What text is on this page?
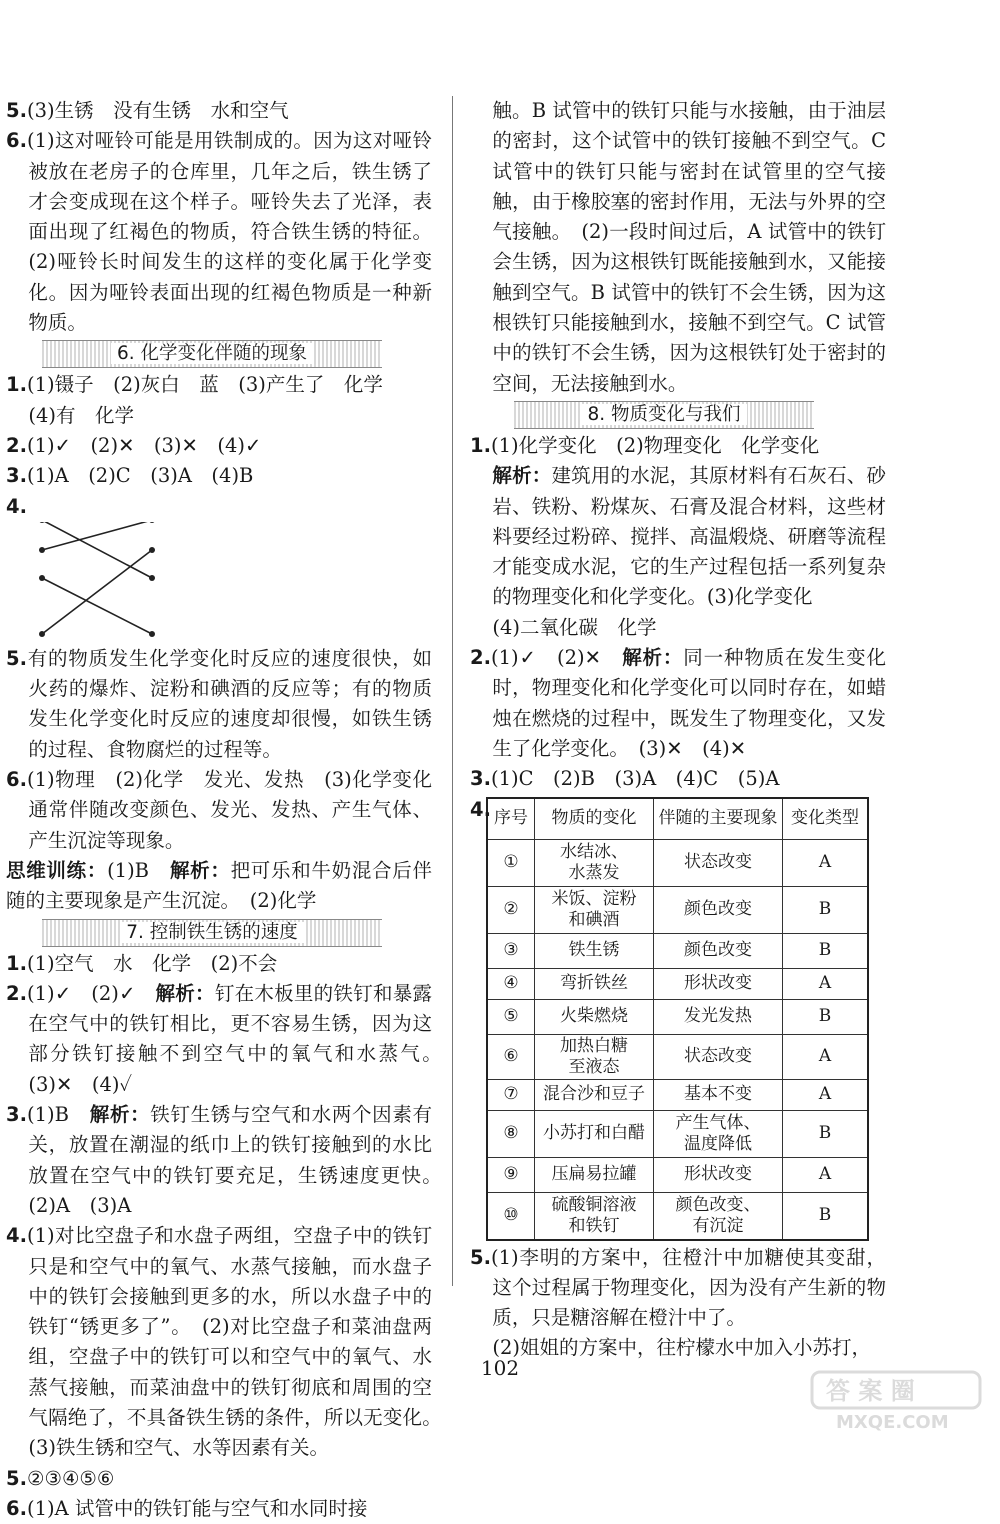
5.(3)生锈　没有生锈　水和空气

6.(1)这对哑铃可能是用铁制成的。因为这对哑铃被放在老房子的仓库里，几年之后，铁生锈了才会变成现在这个样子。哑铃失去了光泽，表面出现了红褐色的物质，符合铁生锈的特征。(2)哑铃长时间发生的这样的变化属于化学变化。因为哑铃表面出现的红褐色物质是一种新物质。

6. 化学变化伴随的现象

1.(1)镊子　(2)灰白　蓝　(3)产生了　化学

(4)有　化学

2.(1)✓　(2)✕　(3)✕　(4)✓

3.(1)A　(2)C　(3)A　(4)B

4.

5.有的物质发生化学变化时反应的速度很快，如火药的爆炸、淀粉和碘酒的反应等；有的物质发生化学变化时反应的速度却很慢，如铁生锈的过程、食物腐烂的过程等。

6.(1)物理　(2)化学　发光、发热　(3)化学变化通常伴随改变颜色、发光、发热、产生气体、产生沉淀等现象。

思维训练：(1)B　解析：把可乐和牛奶混合后伴随的主要现象是产生沉淀。　(2)化学

7. 控制铁生锈的速度

1.(1)空气　水　化学　(2)不会

2.(1)✓　(2)✓　解析：钉在木板里的铁钉和暴露在空气中的铁钉相比，更不容易生锈，因为这部分铁钉接触不到空气中的氧气和水蒸气。　(3)✕　(4)✓

3.(1)B　解析：铁钉生锈与空气和水两个因素有关，放置在潮湿的纸巾上的铁钉接触到的水比放置在空气中的铁钉要充足，生锈速度更快。　(2)A　(3)A

4.(1)对比空盘子和水盘子两组，空盘子中的铁钉只是和空气中的氧气、水蒸气接触，而水盘子中的铁钉会接触到更多的水，所以水盘子中的铁钉“锈更多了”。　(2)对比空盘子和菜油盘两组，空盘子中的铁钉可以和空气中的氧气、水蒸气接触，而菜油盘中的铁钉彻底和周围的空气隔绝了，不具备铁生锈的条件，所以无变化。　(3)铁生锈和空气、水等因素有关。

5.②③④⑤⑥

6.(1)A 试管中的铁钉能与空气和水同时接

触。B 试管中的铁钉只能与水接触，由于油层的密封，这个试管中的铁钉接触不到空气。C 试管中的铁钉只能与密封在试管里的空气接触，由于橡胶塞的密封作用，无法与外界的空气接触。　(2)一段时间过后，A 试管中的铁钉会生锈，因为这根铁钉既能接触到水，又能接触到空气。B 试管中的铁钉不会生锈，因为这根铁钉只能接触到水，接触不到空气。C 试管中的铁钉不会生锈，因为这根铁钉处于密封的空间，无法接触到水。

8. 物质变化与我们

1.(1)化学变化　(2)物理变化　化学变化
解析：建筑用的水泥，其原材料有石灰石、砂岩、铁粉、粉煤灰、石膏及混合材料，这些材料要经过粉碎、搅拌、高温煅烧、研磨等流程才能变成水泥，它的生产过程包括一系列复杂的物理变化和化学变化。(3)化学变化

(4)二氧化碳　化学

2.(1)✓　(2)✕　解析：同一种物质在发生变化时，物理变化和化学变化可以同时存在，如蜡烛在燃烧的过程中，既发生了物理变化，又发生了化学变化。　(3)✕　(4)✕

3.(1)C　(2)B　(3)A　(4)C　(5)A

4. 序号	物质的变化	伴随的主要现象	变化类型
①	水结冰、
水蒸发	状态改变	A
②	米饭、淀粉
和碘酒	颜色改变	B
③	铁生锈	颜色改变	B
④	弯折铁丝	形状改变	A
⑤	火柴燃烧	发光发热	B
⑥	加热白糖
至液态	状态改变	A
⑦	混合沙和豆子	基本不变	A
⑧	小苏打和白醋	产生气体、
温度降低	B
⑨	压扁易拉罐	形状改变	A
⑩	硫酸铜溶液
和铁钉	颜色改变、
有沉淀	B

5.(1)李明的方案中，往橙汁中加糖使其变甜，这个过程属于物理变化，因为没有产生新的物质，只是糖溶解在橙汁中了。

(2)姐姐的方案中，往柠檬水中加入小苏打，

102
答 案 圈
MXQE.COM
